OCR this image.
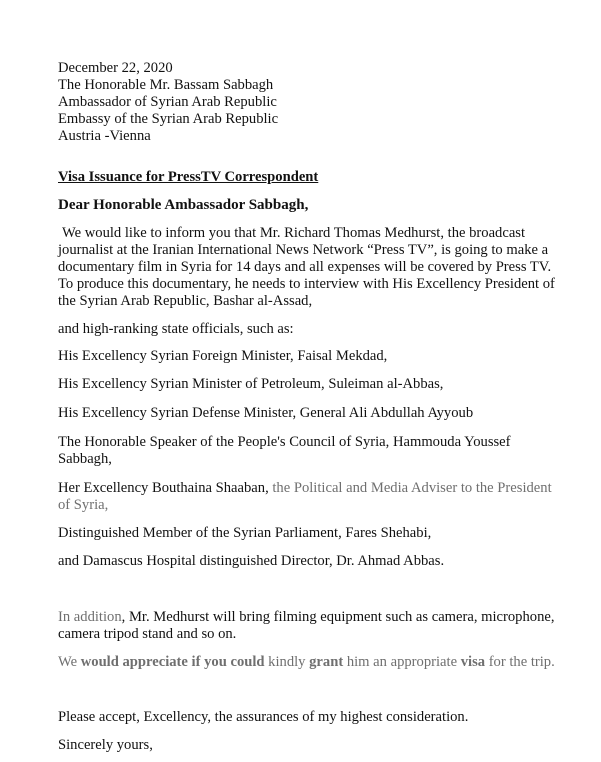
December 22, 2020

The Honorable Mr. Bassam Sabbagh

Ambassador of Syrian Arab Republic

Embassy of the Syrian Arab Republic

Austria -Vienna

Visa Issuance for PressTV Correspondent

Dear Honorable Ambassador Sabbagh,

We would like to inform you that Mr. Richard Thomas Medhurst, the broadcast journalist at the Iranian International News Network “Press TV”, is going to make a documentary film in Syria for 14 days and all expenses will be covered by Press TV. To produce this documentary, he needs to interview with His Excellency President of the Syrian Arab Republic, Bashar al-Assad,

and high-ranking state officials, such as:

His Excellency Syrian Foreign Minister, Faisal Mekdad,

His Excellency Syrian Minister of Petroleum, Suleiman al-Abbas,

His Excellency Syrian Defense Minister, General Ali Abdullah Ayyoub

The Honorable Speaker of the People's Council of Syria, Hammouda Youssef Sabbagh,

Her Excellency Bouthaina Shaaban, the Political and Media Adviser to the President of Syria,

Distinguished Member of the Syrian Parliament, Fares Shehabi,

and Damascus Hospital distinguished Director, Dr. Ahmad Abbas.

In addition, Mr. Medhurst will bring filming equipment such as camera, microphone, camera tripod stand and so on.

We would appreciate if you could kindly grant him an appropriate visa for the trip.

Please accept, Excellency, the assurances of my highest consideration.

Sincerely yours,
